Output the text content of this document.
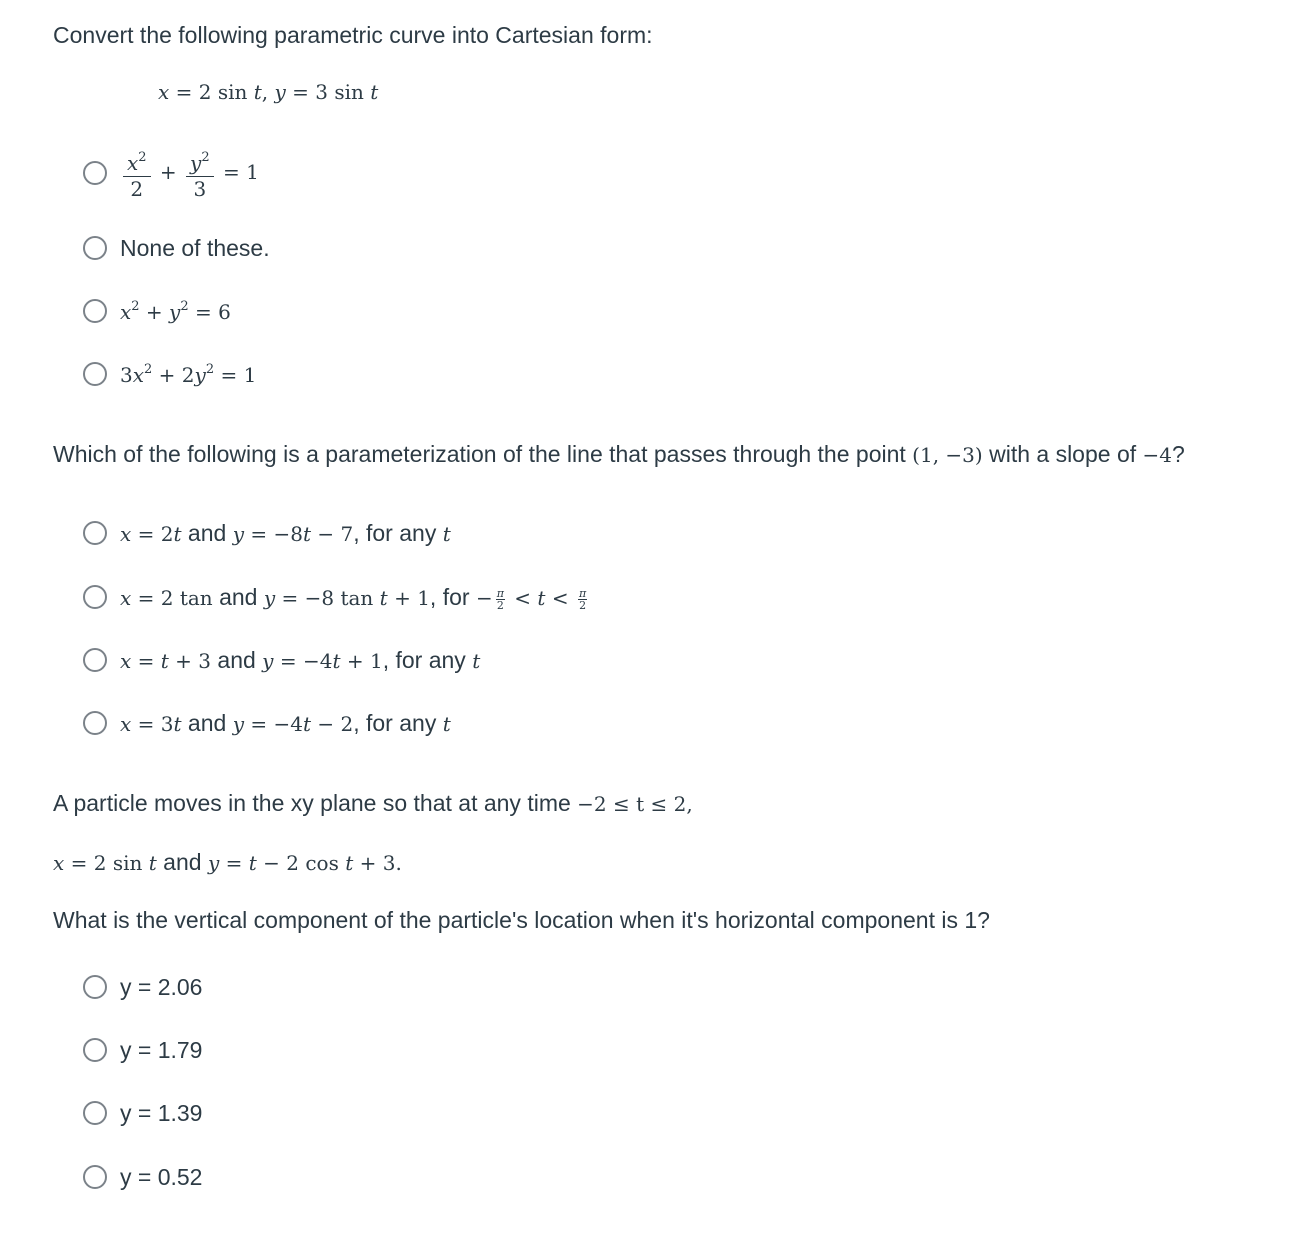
Convert the following parametric curve into Cartesian form:
x = 2 sin t, y = 3 sin t
$\frac{x^2}{2} + \frac{y^2}{3} = 1$
None of these.
$x^2 + y^2 = 6$
$3x^2 + 2y^2 = 1$
Which of the following is a parameterization of the line that passes through the point (1, −3) with a slope of −4?
x = 2t and y = −8t − 7, for any t
x = 2 tan and y = −8 tan t + 1, for − $\frac{\pi}{2} < t < \frac{\pi}{2}$
x = t + 3 and y = −4t + 1, for any t
x = 3t and y = −4t − 2, for any t
A particle moves in the xy plane so that at any time −2 ≤ t ≤ 2,
x = 2 sin t and y = t − 2 cos t + 3.
What is the vertical component of the particle's location when it's horizontal component is 1?
y = 2.06
y = 1.79
y = 1.39
y = 0.52
